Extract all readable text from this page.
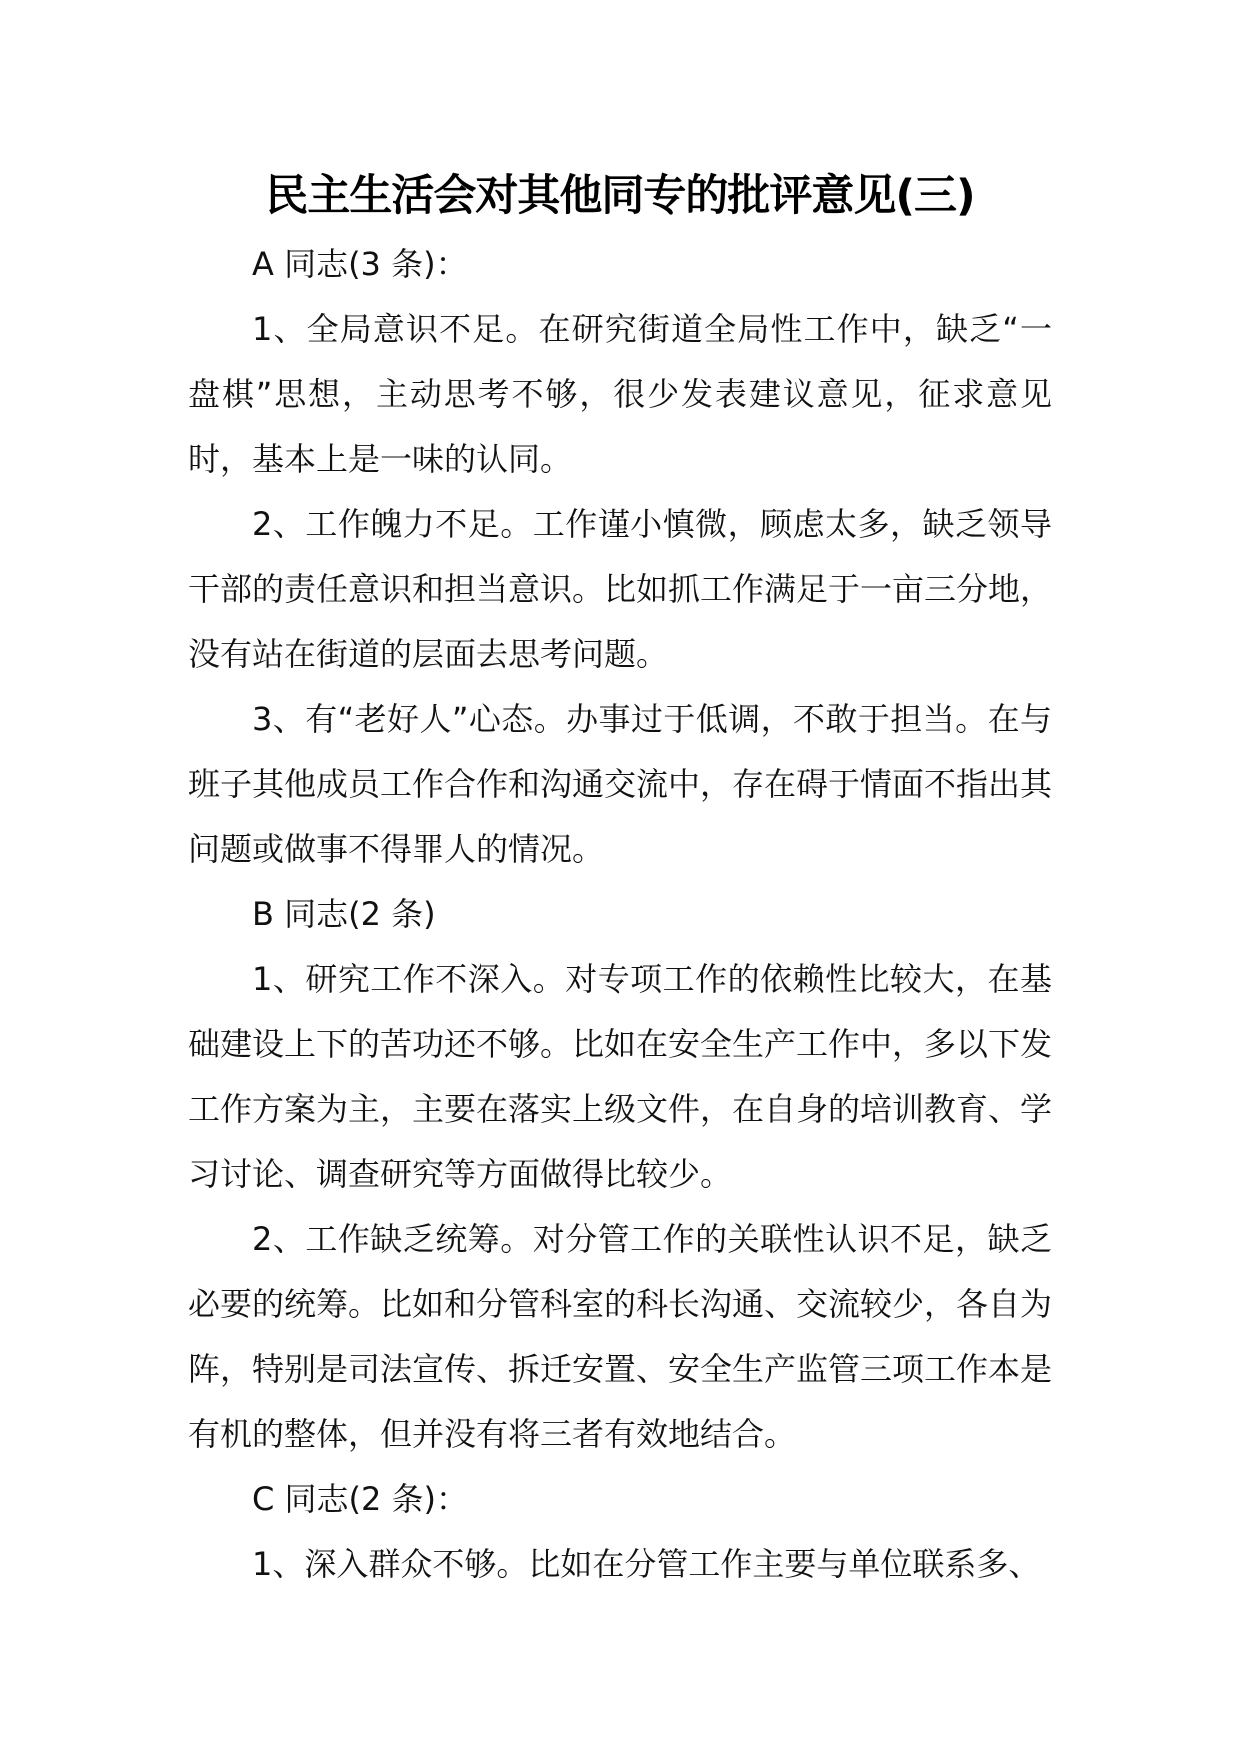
民主生活会对其他同专的批评意见(三)

A 同志(3 条)：

1、全局意识不足。在研究街道全局性工作中，缺乏“一盘棋”思想，主动思考不够，很少发表建议意见，征求意见时，基本上是一味的认同。

2、工作魄力不足。工作谨小慎微，顾虑太多，缺乏领导干部的责任意识和担当意识。比如抓工作满足于一亩三分地，没有站在街道的层面去思考问题。

3、有“老好人”心态。办事过于低调，不敢于担当。在与班子其他成员工作合作和沟通交流中，存在碍于情面不指出其问题或做事不得罪人的情况。

B 同志(2 条)

1、研究工作不深入。对专项工作的依赖性比较大，在基础建设上下的苦功还不够。比如在安全生产工作中，多以下发工作方案为主，主要在落实上级文件，在自身的培训教育、学习讨论、调查研究等方面做得比较少。

2、工作缺乏统筹。对分管工作的关联性认识不足，缺乏必要的统筹。比如和分管科室的科长沟通、交流较少，各自为阵，特别是司法宣传、拆迁安置、安全生产监管三项工作本是有机的整体，但并没有将三者有效地结合。

C 同志(2 条)：

1、深入群众不够。比如在分管工作主要与单位联系多、
